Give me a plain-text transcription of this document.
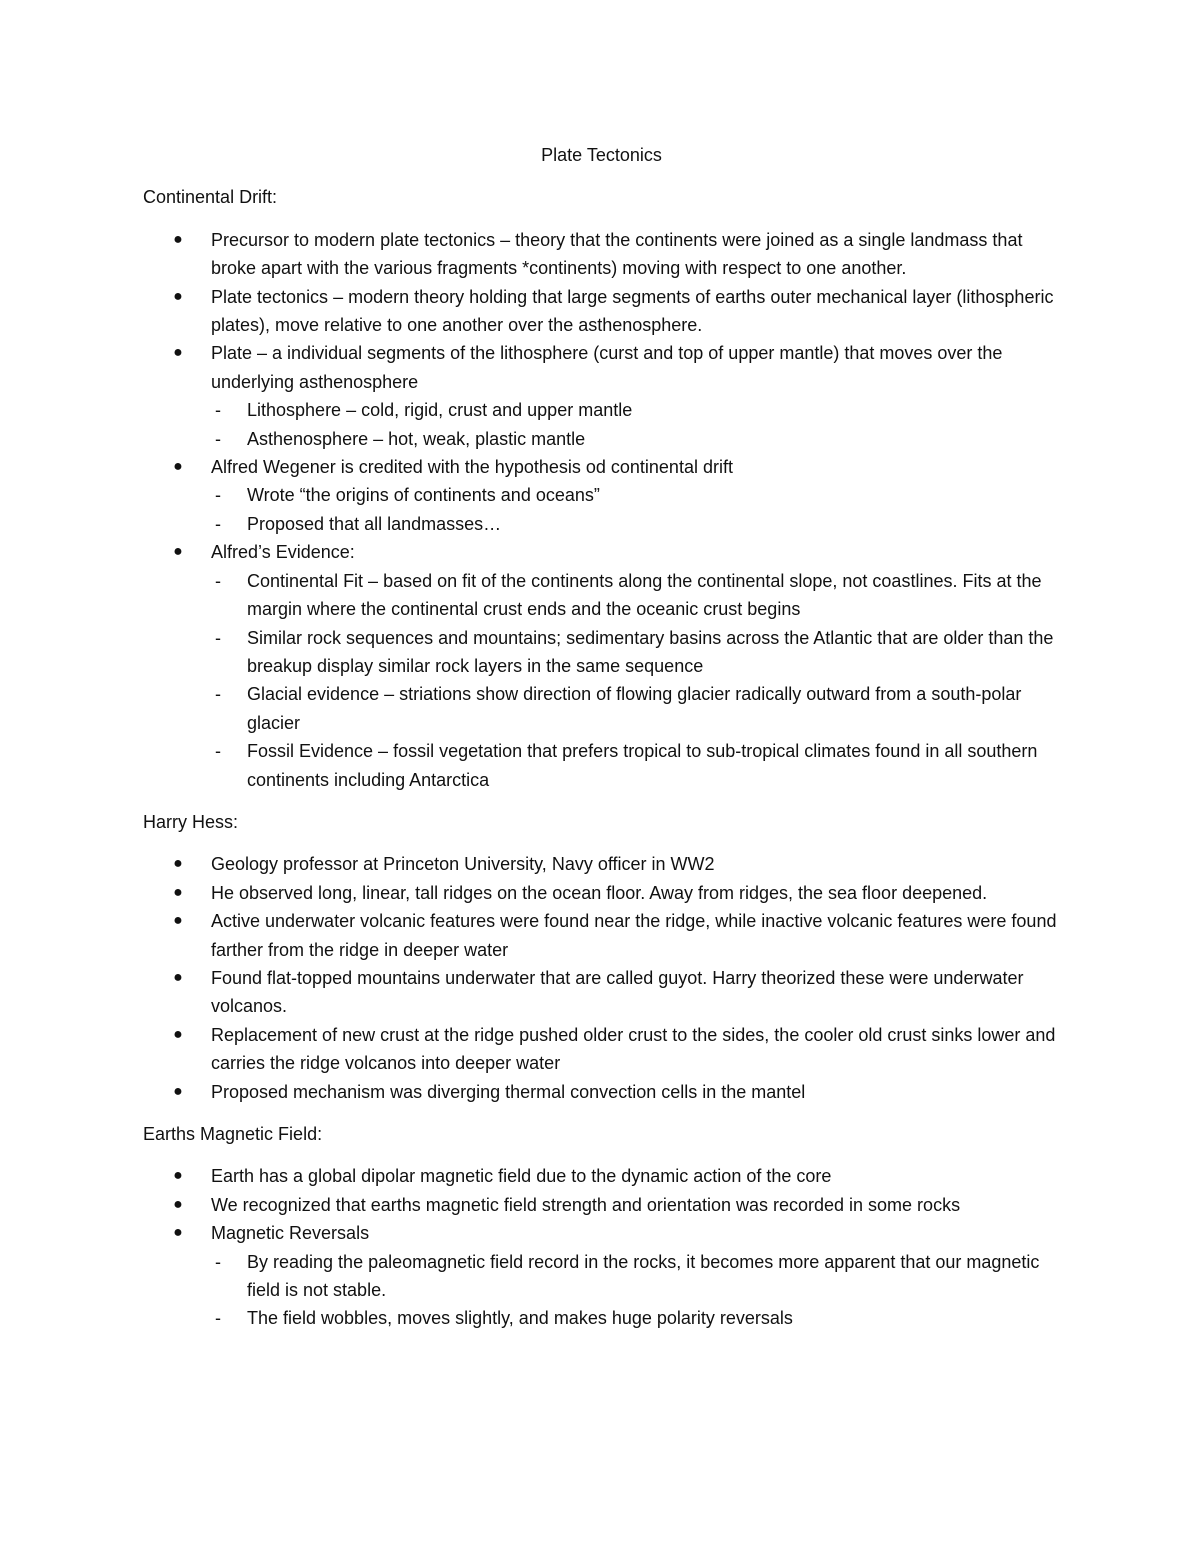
Plate Tectonics
Continental Drift:
● Precursor to modern plate tectonics – theory that the continents were joined as a single landmass that broke apart with the various fragments *continents) moving with respect to one another.
● Plate tectonics – modern theory holding that large segments of earths outer mechanical layer (lithospheric plates), move relative to one another over the asthenosphere.
● Plate – a individual segments of the lithosphere (curst and top of upper mantle) that moves over the underlying asthenosphere
- Lithosphere – cold, rigid, crust and upper mantle
- Asthenosphere – hot, weak, plastic mantle
● Alfred Wegener is credited with the hypothesis od continental drift
- Wrote “the origins of continents and oceans”
- Proposed that all landmasses…
● Alfred’s Evidence:
- Continental Fit – based on fit of the continents along the continental slope, not coastlines. Fits at the margin where the continental crust ends and the oceanic crust begins
- Similar rock sequences and mountains; sedimentary basins across the Atlantic that are older than the breakup display similar rock layers in the same sequence
- Glacial evidence – striations show direction of flowing glacier radically outward from a south-polar glacier
- Fossil Evidence – fossil vegetation that prefers tropical to sub-tropical climates found in all southern continents including Antarctica
Harry Hess:
● Geology professor at Princeton University, Navy officer in WW2
● He observed long, linear, tall ridges on the ocean floor. Away from ridges, the sea floor deepened.
● Active underwater volcanic features were found near the ridge, while inactive volcanic features were found farther from the ridge in deeper water
● Found flat-topped mountains underwater that are called guyot. Harry theorized these were underwater volcanos.
● Replacement of new crust at the ridge pushed older crust to the sides, the cooler old crust sinks lower and carries the ridge volcanos into deeper water
● Proposed mechanism was diverging thermal convection cells in the mantel
Earths Magnetic Field:
● Earth has a global dipolar magnetic field due to the dynamic action of the core
● We recognized that earths magnetic field strength and orientation was recorded in some rocks
● Magnetic Reversals
- By reading the paleomagnetic field record in the rocks, it becomes more apparent that our magnetic field is not stable.
- The field wobbles, moves slightly, and makes huge polarity reversals
